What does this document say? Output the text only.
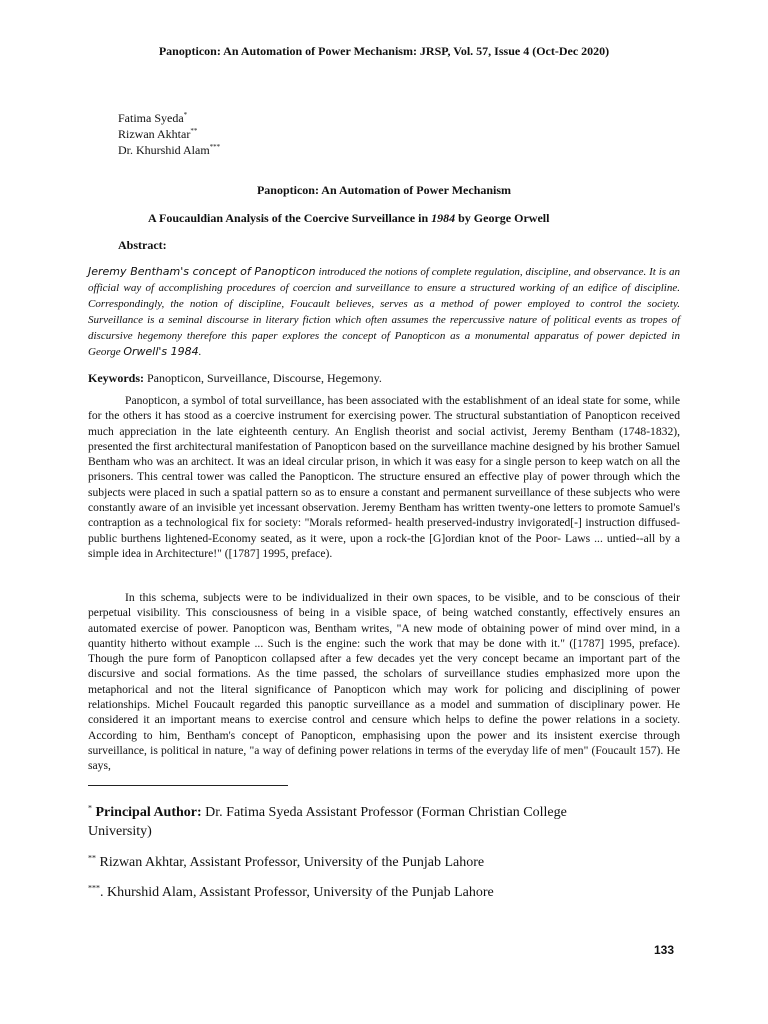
Panopticon: An Automation of Power Mechanism: JRSP, Vol. 57, Issue 4 (Oct-Dec 2020)
Fatima Syeda*
Rizwan Akhtar**
Dr. Khurshid Alam***
Panopticon: An Automation of Power Mechanism
A Foucauldian Analysis of the Coercive Surveillance in 1984 by George Orwell
Abstract:
Jeremy Bentham's concept of Panopticon introduced the notions of complete regulation, discipline, and observance. It is an official way of accomplishing procedures of coercion and surveillance to ensure a structured working of an edifice of discipline. Correspondingly, the notion of discipline, Foucault believes, serves as a method of power employed to control the society. Surveillance is a seminal discourse in literary fiction which often assumes the repercussive nature of political events as tropes of discursive hegemony therefore this paper explores the concept of Panopticon as a monumental apparatus of power depicted in George Orwell's 1984.
Keywords: Panopticon, Surveillance, Discourse, Hegemony.
Panopticon, a symbol of total surveillance, has been associated with the establishment of an ideal state for some, while for the others it has stood as a coercive instrument for exercising power. The structural substantiation of Panopticon received much appreciation in the late eighteenth century. An English theorist and social activist, Jeremy Bentham (1748-1832), presented the first architectural manifestation of Panopticon based on the surveillance machine designed by his brother Samuel Bentham who was an architect. It was an ideal circular prison, in which it was easy for a single person to keep watch on all the prisoners. This central tower was called the Panopticon. The structure ensured an effective play of power through which the subjects were placed in such a spatial pattern so as to ensure a constant and permanent surveillance of these subjects who were constantly aware of an invisible yet incessant observation. Jeremy Bentham has written twenty-one letters to promote Samuel's contraption as a technological fix for society: "Morals reformed- health preserved-industry invigorated[-] instruction diffused-public burthens lightened-Economy seated, as it were, upon a rock-the [G]ordian knot of the Poor- Laws ... untied--all by a simple idea in Architecture!" ([1787] 1995, preface).
In this schema, subjects were to be individualized in their own spaces, to be visible, and to be conscious of their perpetual visibility. This consciousness of being in a visible space, of being watched constantly, effectively ensures an automated exercise of power. Panopticon was, Bentham writes, "A new mode of obtaining power of mind over mind, in a quantity hitherto without example ... Such is the engine: such the work that may be done with it." ([1787] 1995, preface). Though the pure form of Panopticon collapsed after a few decades yet the very concept became an important part of the discursive and social formations. As the time passed, the scholars of surveillance studies emphasized more upon the metaphorical and not the literal significance of Panopticon which may work for policing and disciplining of power relationships. Michel Foucault regarded this panoptic surveillance as a model and summation of disciplinary power. He considered it an important means to exercise control and censure which helps to define the power relations in a society. According to him, Bentham's concept of Panopticon, emphasising upon the power and its insistent exercise through surveillance, is political in nature, "a way of defining power relations in terms of the everyday life of men" (Foucault 157). He says,
* Principal Author: Dr. Fatima Syeda Assistant Professor (Forman Christian College University)
** Rizwan Akhtar, Assistant Professor, University of the Punjab Lahore
***. Khurshid Alam, Assistant Professor, University of the Punjab Lahore
133
